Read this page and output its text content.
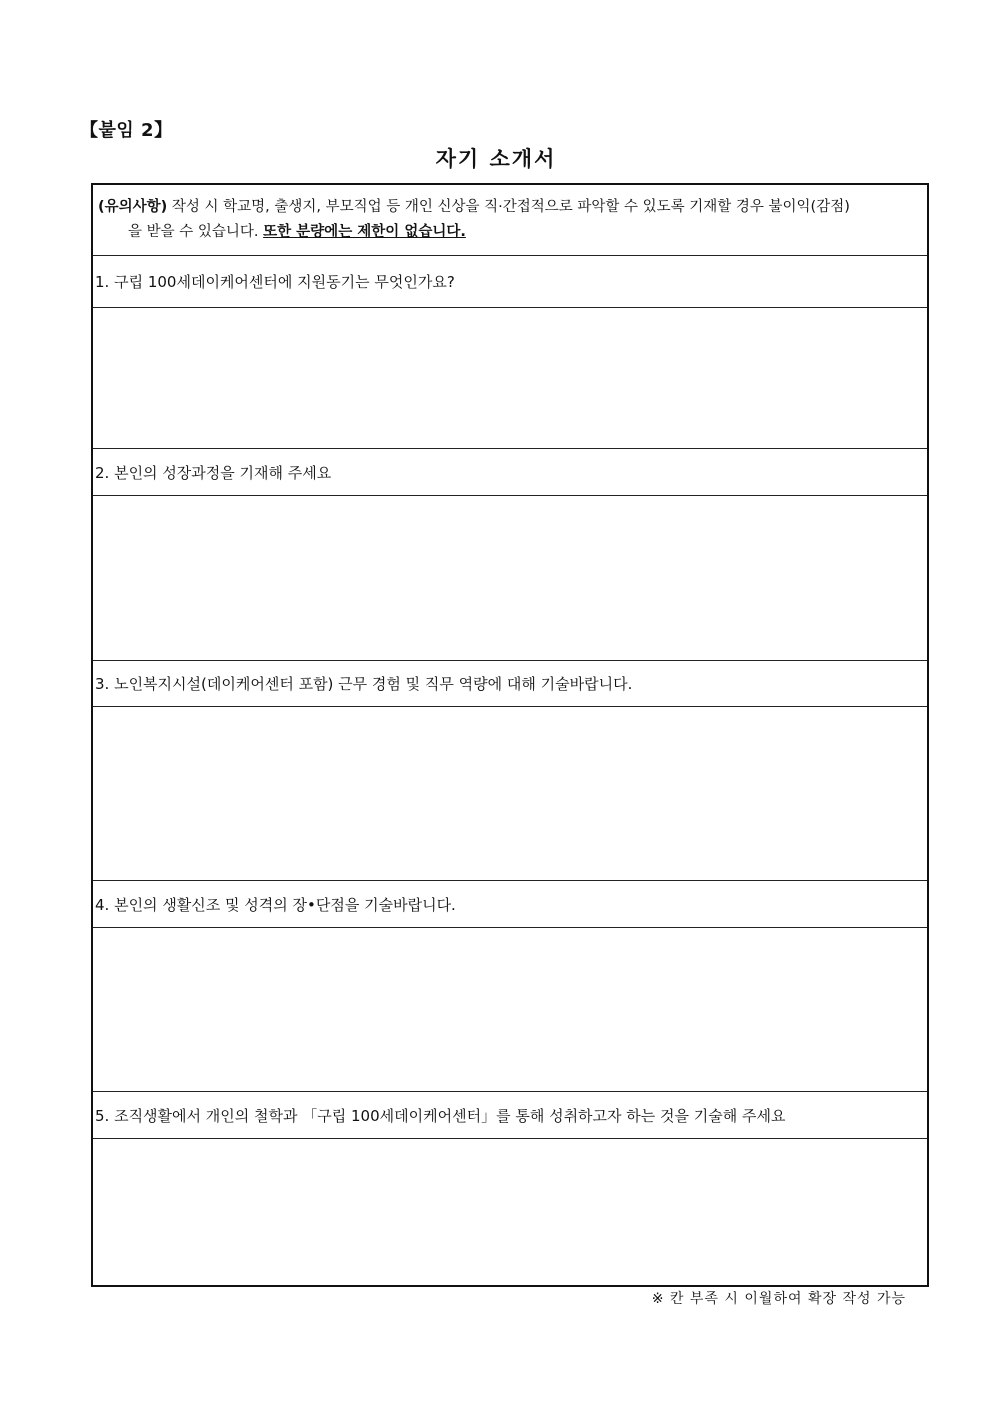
【붙임 2】
자기 소개서
(유의사항) 작성 시 학교명, 출생지, 부모직업 등 개인 신상을 직·간접적으로 파악할 수 있도록 기재할 경우 불이익(감점)
을 받을 수 있습니다. 또한 분량에는 제한이 없습니다.
1. 구립 100세데이케어센터에 지원동기는 무엇인가요?
2. 본인의 성장과정을 기재해 주세요
3. 노인복지시설(데이케어센터 포함) 근무 경험 및 직무 역량에 대해 기술바랍니다.
4. 본인의 생활신조 및 성격의 장•단점을 기술바랍니다.
5. 조직생활에서 개인의 철학과 「구립 100세데이케어센터」를 통해 성취하고자 하는 것을 기술해 주세요
※ 칸 부족 시 이월하여 확장 작성 가능
